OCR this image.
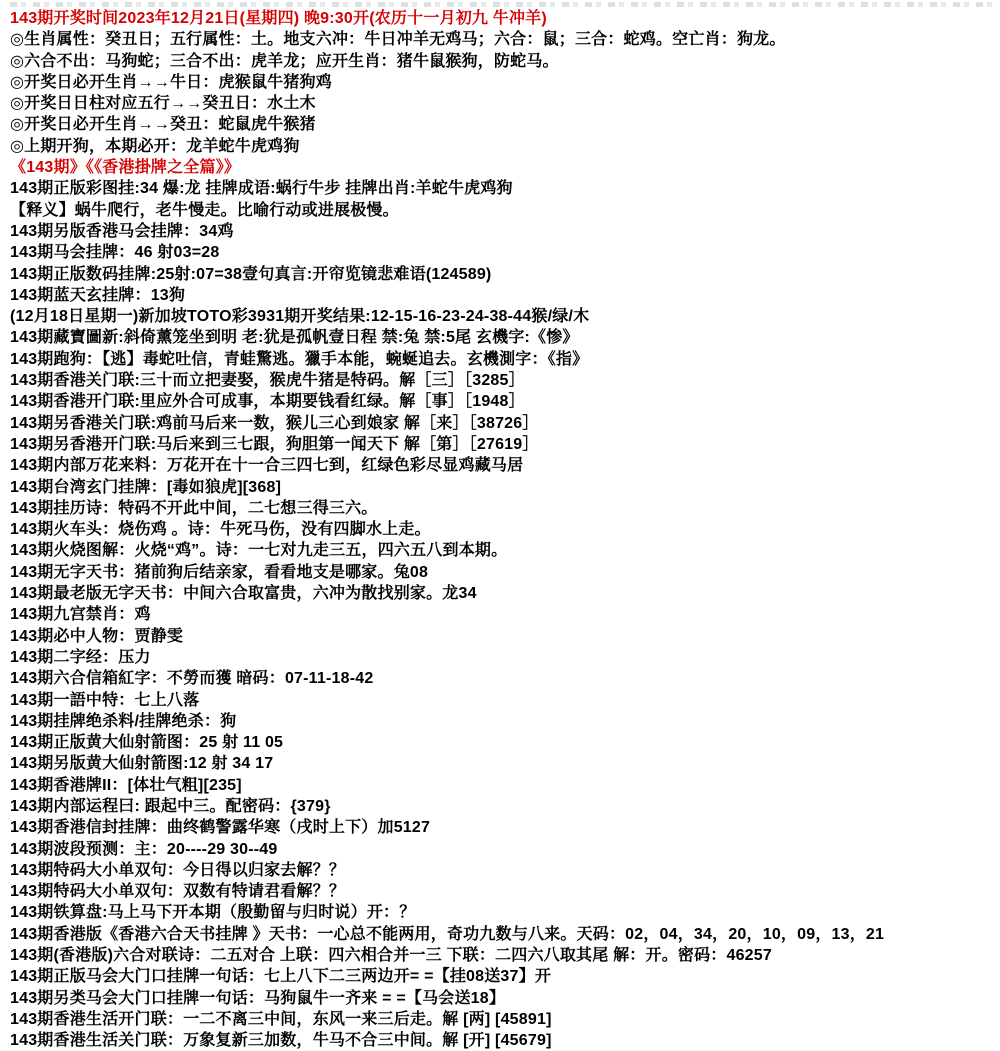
143期开奖时间2023年12月21日(星期四) 晚9:30开(农历十一月初九 牛冲羊)
◎生肖属性：癸丑日；五行属性：土。地支六冲：牛日冲羊无鸡马；六合：鼠；三合：蛇鸡。空亡肖：狗龙。
◎六合不出：马狗蛇；三合不出：虎羊龙；应开生肖：猪牛鼠猴狗，防蛇马。
◎开奖日必开生肖→→牛日：虎猴鼠牛猪狗鸡
◎开奖日日柱对应五行→→癸丑日：水土木
◎开奖日必开生肖→→癸丑：蛇鼠虎牛猴猪
◎上期开狗，本期必开：龙羊蛇牛虎鸡狗
《143期》《《香港掛牌之全篇》》
143期正版彩图挂:34 爆:龙 挂牌成语:蜗行牛步 挂牌出肖:羊蛇牛虎鸡狗
【释义】蜗牛爬行，老牛慢走。比喻行动或进展极慢。
143期另版香港马会挂牌：34鸡
143期马会挂牌：46 射03=28
143期正版数码挂牌:25射:07=38壹句真言:开帘览镜悲难语(124589)
143期蓝天玄挂牌：13狗
(12月18日星期一)新加坡TOTO彩3931期开奖结果:12-15-16-23-24-38-44猴/绿/木
143期藏寶圖新:斜倚薰笼坐到明 老:犹是孤帆壹日程 禁:兔 禁:5尾 玄機字:《惨》
143期跑狗：【逃】毒蛇吐信，青蛙驚逃。獵手本能，蜿蜒追去。玄機測字：《指》
143期香港关门联:三十而立把妻娶，猴虎牛猪是特码。解［三］［3285］
143期香港开门联:里应外合可成事，本期要钱看红绿。解［事］［1948］
143期另香港关门联:鸡前马后来一数，猴儿三心到娘家 解［来］［38726］
143期另香港开门联:马后来到三七跟，狗胆第一闻天下 解［第］［27619］
143期内部万花来料：万花开在十一合三四七到，红绿色彩尽显鸡藏马居
143期台湾玄门挂牌：[毒如狼虎][368]
143期挂历诗：特码不开此中间，二七想三得三六。
143期火车头：烧伤鸡 。诗：牛死马伤，没有四脚水上走。
143期火烧图解：火烧“鸡”。诗：一七对九走三五，四六五八到本期。
143期无字天书：猪前狗后结亲家，看看地支是哪家。兔08
143期最老版无字天书：中间六合取富贵，六冲为散找别家。龙34
143期九宫禁肖：鸡
143期必中人物：贾静雯
143期二字经：压力
143期六合信箱紅字：不勞而獲 暗码：07-11-18-42
143期一語中特：七上八落
143期挂牌绝杀料/挂牌绝杀：狗
143期正版黄大仙射箭图：25 射 11 05
143期另版黄大仙射箭图:12 射 34 17
143期香港牌II：[体壮气粗][235]
143期内部运程曰: 跟起中三。配密码：{379}
143期香港信封挂牌：曲终鹤警露华寒（戌时上下）加5127
143期波段预测：主：20----29 30--49
143期特码大小单双句：今日得以归家去解？？
143期特码大小单双句：双数有特请君看解？？
143期铁算盘:马上马下开本期（殷勤留与归时说）开：？
143期香港版《香港六合天书挂牌 》天书：一心总不能两用，奇功九数与八来。天码：02，04，34，20，10，09，13，21
143期(香港版)六合对联诗：二五对合 上联：四六相合并一三 下联：二四六八取其尾 解：开。密码：46257
143期正版马会大门口挂牌一句话：七上八下二三两边开= =【挂08送37】开
143期另类马会大门口挂牌一句话：马狗鼠牛一齐来 = =【马会送18】
143期香港生活开门联：一二不离三中间，东风一来三后走。解 [两] [45891]
143期香港生活关门联：万象复新三加数，牛马不合三中间。解 [开] [45679]
